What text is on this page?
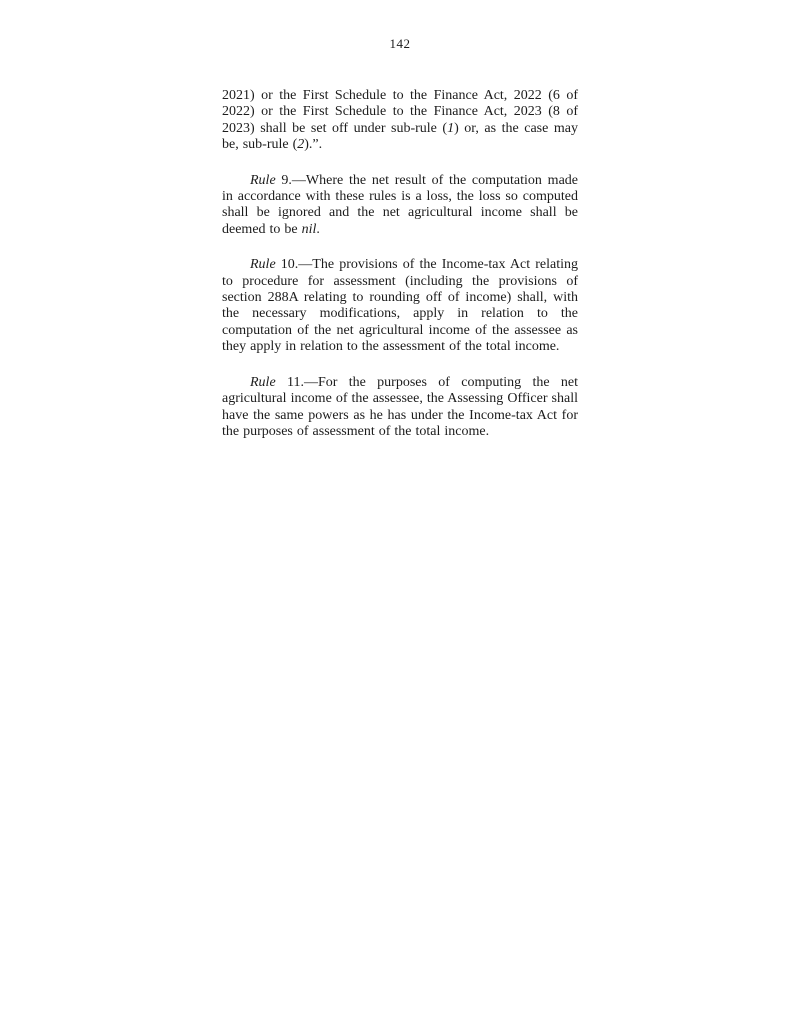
142

2021) or the First Schedule to the Finance Act, 2022 (6 of 2022) or the First Schedule to the Finance Act, 2023 (8 of 2023) shall be set off under sub-rule (1) or, as the case may be, sub-rule (2).”.

Rule 9.—Where the net result of the computation made in accordance with these rules is a loss, the loss so computed shall be ignored and the net agricultural income shall be deemed to be nil.

Rule 10.—The provisions of the Income-tax Act relating to procedure for assessment (including the provisions of section 288A relating to rounding off of income) shall, with the necessary modifications, apply in relation to the computation of the net agricultural income of the assessee as they apply in relation to the assessment of the total income.

Rule 11.—For the purposes of computing the net agricultural income of the assessee, the Assessing Officer shall have the same powers as he has under the Income-tax Act for the purposes of assessment of the total income.
